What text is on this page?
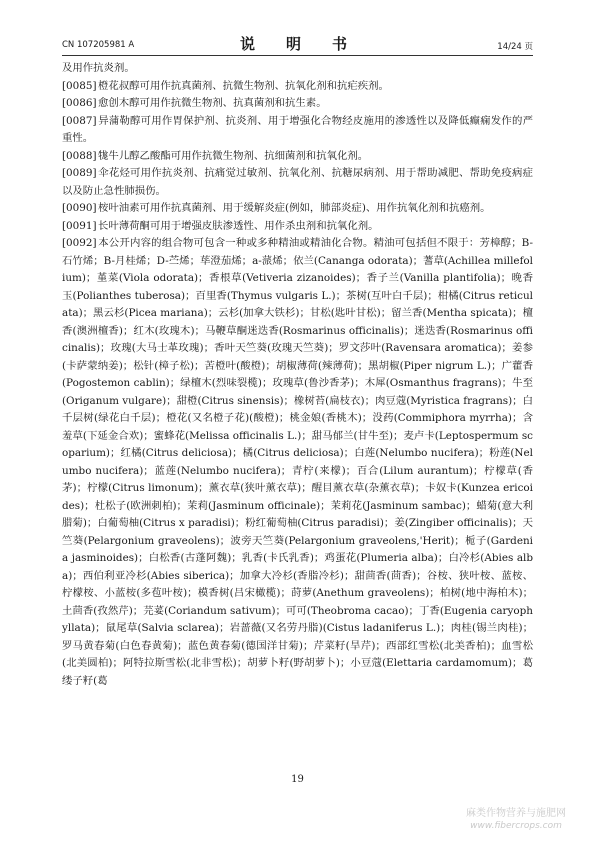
CN 107205981 A	说　明　书	14/24 页

及用作抗炎剂。

[0085]橙花叔醇可用作抗真菌剂、抗微生物剂、抗氧化剂和抗疟疾剂。

[0086]愈创木醇可用作抗微生物剂、抗真菌剂和抗生素。

[0087]异蒲勒醇可用作胃保护剂、抗炎剂、用于增强化合物经皮施用的渗透性以及降低癫痫发作的严重性。

[0088]牻牛儿醇乙酸酯可用作抗微生物剂、抗细菌剂和抗氧化剂。

[0089]伞花烃可用作抗炎剂、抗痛觉过敏剂、抗氧化剂、抗糖尿病剂、用于帮助减肥、帮助免疫病症以及防止急性肺损伤。

[0090]桉叶油素可用作抗真菌剂、用于缓解炎症(例如，肺部炎症)、用作抗氧化剂和抗癌剂。

[0091]长叶薄荷酮可用于增强皮肤渗透性、用作杀虫剂和抗氧化剂。

[0092]本公开内容的组合物可包含一种或多种精油或精油化合物。精油可包括但不限于：芳樟醇；B-石竹烯；B-月桂烯；D-苎烯；荜澄茄烯；a-蒎烯；依兰(Cananga odorata)；蓍草(Achillea millefolium)；堇菜(Viola odorata)；香根草(Vetiveria zizanoides)；香子兰(Vanilla plantifolia)；晚香玉(Polianthes tuberosa)；百里香(Thymus vulgaris L.)；茶树(互叶白千层)；柑橘(Citrus reticulata)；黑云杉(Picea mariana)；云杉(加拿大铁杉)；甘松(匙叶甘松)；留兰香(Mentha spicata)；檀香(澳洲檀香)；红木(玫瑰木)；马鞭草酮迷迭香(Rosmarinus officinalis)；迷迭香(Rosmarinus officinalis)；玫瑰(大马士革玫瑰)；香叶天竺葵(玫瑰天竺葵)；罗文莎叶(Ravensara aromatica)；姜参(卡萨蒙纳姜)；松针(樟子松)；苦橙叶(酸橙)；胡椒薄荷(辣薄荷)；黑胡椒(Piper nigrum L.)；广藿香(Pogostemon cablin)；绿檀木(烈味裂榄)；玫瑰草(鲁沙香茅)；木犀(Osmanthus fragrans)；牛至(Origanum vulgare)；甜橙(Citrus sinensis)；橡树苔(扁枝衣)；肉豆蔻(Myristica fragrans)；白千层树(绿花白千层)；橙花(又名橙子花)(酸橙)；桃金娘(香桃木)；没药(Commiphora myrrha)；含羞草(下延金合欢)；蜜蜂花(Melissa officinalis L.)；甜马郁兰(甘牛至)；麦卢卡(Leptospermum scoparium)；红橘(Citrus deliciosa)；橘(Citrus deliciosa)；白莲(Nelumbo nucifera)；粉莲(Nelumbo nucifera)；蓝莲(Nelumbo nucifera)；青柠(来檬)；百合(Lilum aurantum)；柠檬草(香茅)；柠檬(Citrus limonum)；薰衣草(狭叶薰衣草)；醒目薰衣草(杂薰衣草)；卡奴卡(Kunzea ericoides)；杜松子(欧洲刺柏)；茉莉(Jasminum officinale)；茉莉花(Jasminum sambac)；蜡菊(意大利腊菊)；白葡萄柚(Citrus x paradisi)；粉红葡萄柚(Citrus paradisi)；姜(Zingiber officinalis)；天竺葵(Pelargonium graveolens)；波旁天竺葵(Pelargonium graveolens,'Herit)；栀子(Gardenia jasminoides)；白松香(古蓬阿魏)；乳香(卡氏乳香)；鸡蛋花(Plumeria alba)；白冷杉(Abies alba)；西伯利亚冷杉(Abies siberica)；加拿大冷杉(香脂冷杉)；甜茴香(茴香)；谷桉、狭叶桉、蓝桉、柠檬桉、小蓝桉(多苞叶桉)；模香树(吕宋橄榄)；莳萝(Anethum graveolens)；柏树(地中海柏木)；土茴香(孜然芹)；芫荽(Coriandum sativum)；可可(Theobroma cacao)；丁香(Eugenia caryophyllata)；鼠尾草(Salvia sclarea)；岩蔷薇(又名劳丹脂)(Cistus ladaniferus L.)；肉桂(锡兰肉桂)；罗马黄春菊(白色春黄菊)；蓝色黄春菊(德国洋甘菊)；芹菜籽(旱芹)；西部红雪松(北美香柏)；血雪松(北美圆柏)；阿特拉斯雪松(北非雪松)；胡萝卜籽(野胡萝卜)；小豆蔻(Elettaria cardamomum)；葛缕子籽(葛

19
麻类作物营养与施肥网
www.fibercrops.com
